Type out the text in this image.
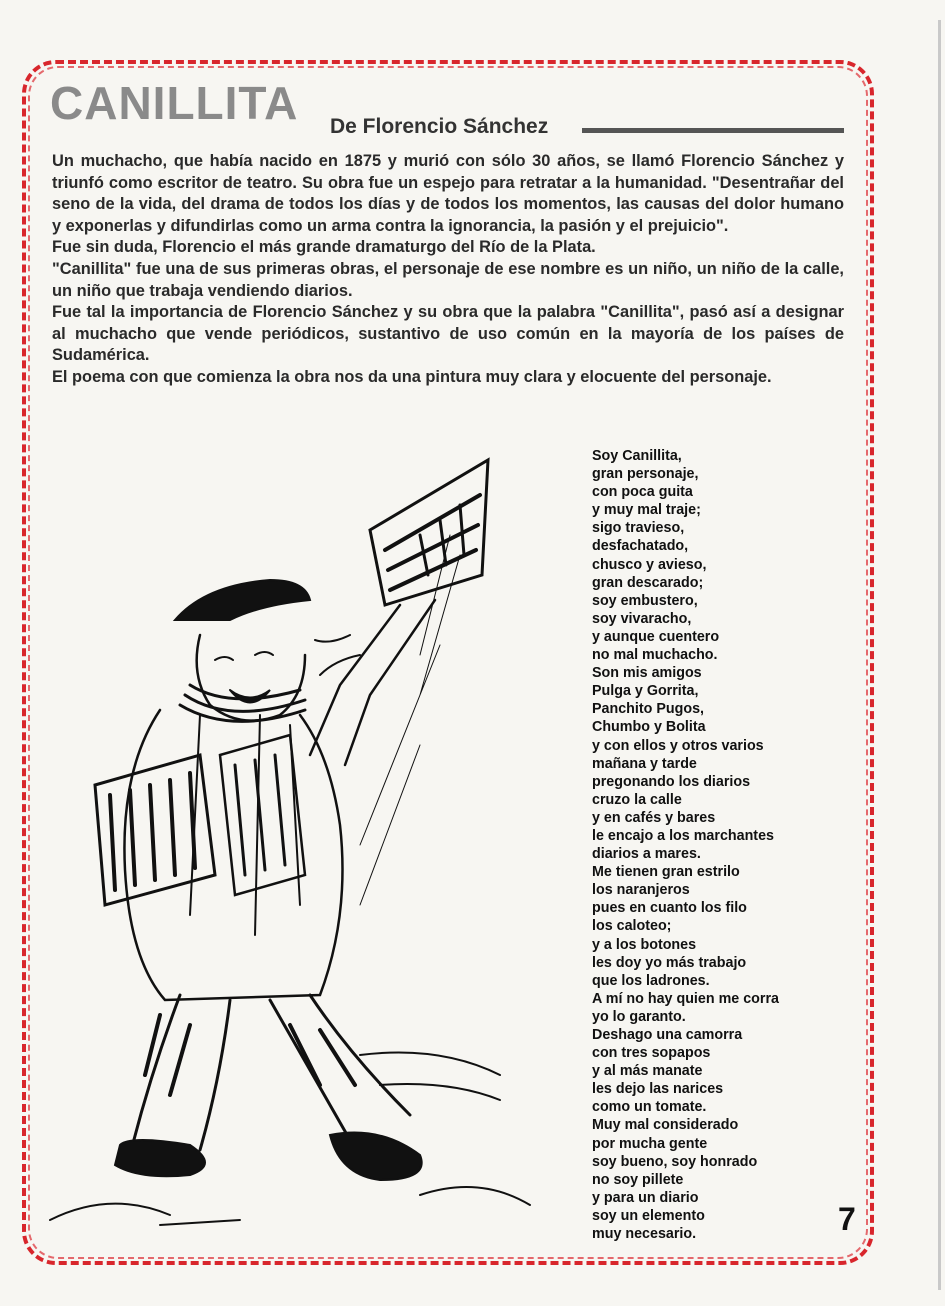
CANILLITA De Florencio Sánchez

Un muchacho, que había nacido en 1875 y murió con sólo 30 años, se llamó Florencio Sánchez y triunfó como escritor de teatro. Su obra fue un espejo para retratar a la humanidad. "Desentrañar del seno de la vida, del drama de todos los días y de todos los momentos, las causas del dolor humano y exponerlas y difundirlas como un arma contra la ignorancia, la pasión y el prejuicio".

Fue sin duda, Florencio el más grande dramaturgo del Río de la Plata.

"Canillita" fue una de sus primeras obras, el personaje de ese nombre es un niño, un niño de la calle, un niño que trabaja vendiendo diarios.

Fue tal la importancia de Florencio Sánchez y su obra que la palabra "Canillita", pasó así a designar al muchacho que vende periódicos, sustantivo de uso común en la mayoría de los países de Sudamérica.

El poema con que comienza la obra nos da una pintura muy clara y elocuente del personaje.

Soy Canillita,
gran personaje,
con poca guita
y muy mal traje;
sigo travieso,
desfachatado,
chusco y avieso,
gran descarado;
soy embustero,
soy vivaracho,
y aunque cuentero
no mal muchacho.
Son mis amigos
Pulga y Gorrita,
Panchito Pugos,
Chumbo y Bolita
y con ellos y otros varios
mañana y tarde
pregonando los diarios
cruzo la calle
y en cafés y bares
le encajo a los marchantes
diarios a mares.
Me tienen gran estrilo
los naranjeros
pues en cuanto los filo
los caloteo;
y a los botones
les doy yo más trabajo
que los ladrones.
A mí no hay quien me corra
yo lo garanto.
Deshago una camorra
con tres sopapos
y al más manate
les dejo las narices
como un tomate.
Muy mal considerado
por mucha gente
soy bueno, soy honrado
no soy pillete
y para un diario
soy un elemento
muy necesario.	7
